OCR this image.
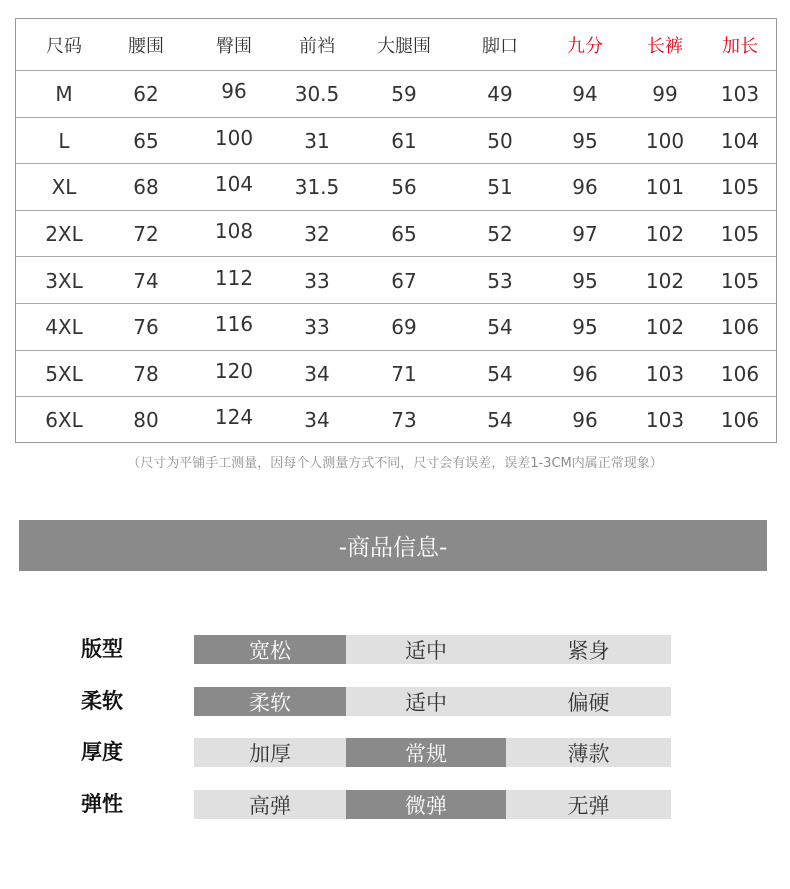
尺码	腰围	臀围	前裆 大腿围	脚口	九分 长裤 加长
M	62	96 30.5	59	49	94	99 103
L	65	100	31	61	50	95 100 104
XL	68	104 31.5	56	51	96 101 105
2XL	72	108	32	65	52	97 102 105
3XL	74	112	33	67	53	95 102 105
4XL	76	116	33	69	54	95 102 106
5XL	78	120	34	71	54	96 103 106
6XL	80	124	34	73	54	96 103 106
（尺寸为平铺手工测量，因每个人测量方式不同，尺寸会有误差，误差1-3CM内属正常现象）
-商品信息-
版型	宽松	适中	紧身
柔软	柔软	适中	偏硬
厚度	加厚	常规	薄款
弹性	高弹	微弹	无弹
